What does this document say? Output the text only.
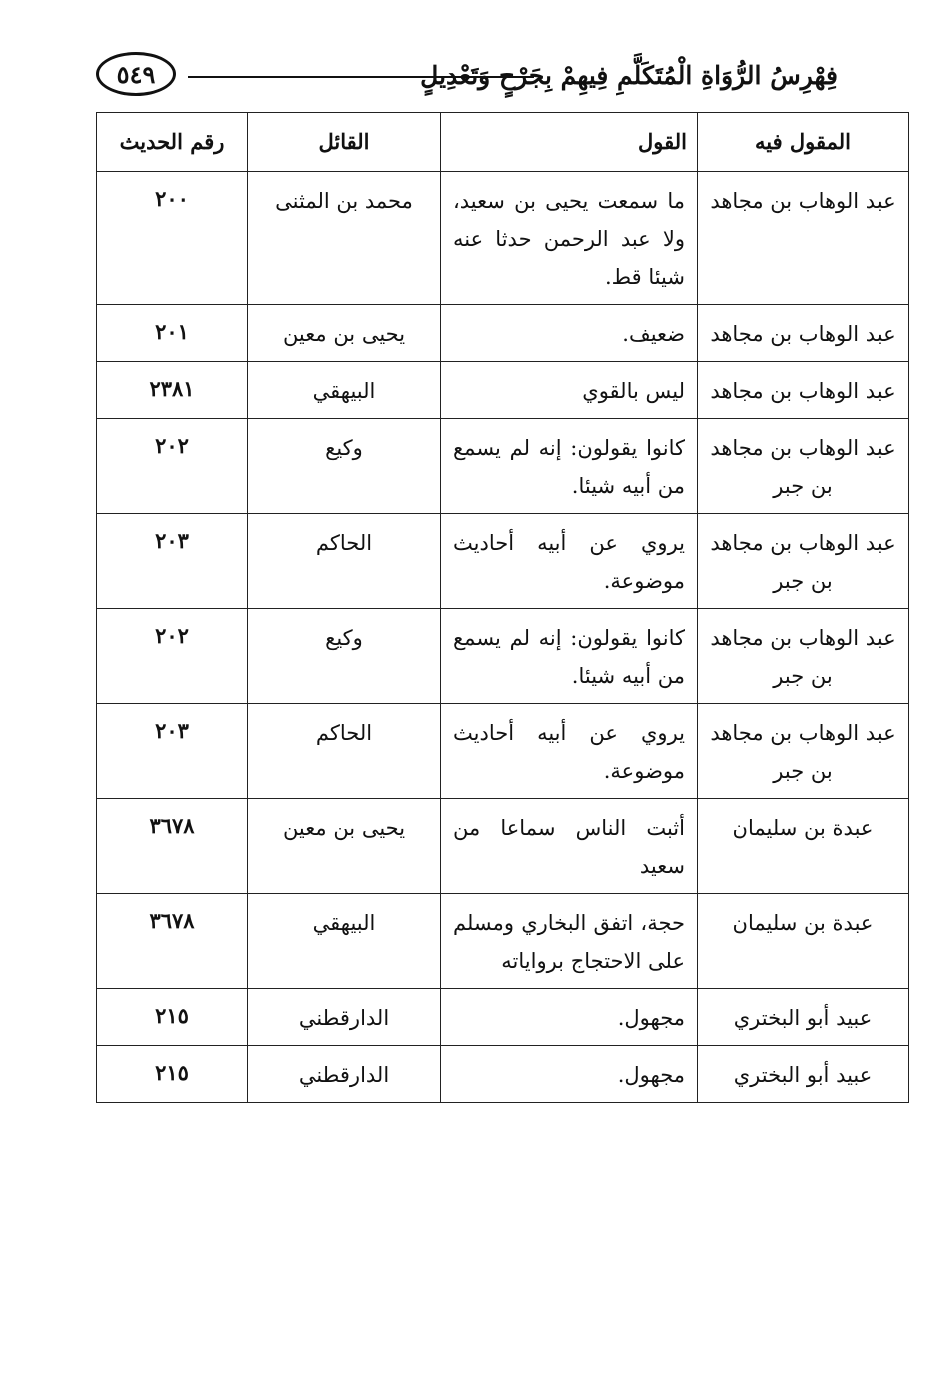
٥٤٩	فِهْرِسُ الرُّوَاةِ الْمُتَكَلَّمِ فِيهِمْ بِجَرْحٍ وَتَعْدِيلٍ
المقول فيه	القول	القائل	رقم الحديث
عبد الوهاب بن مجاهد	ما سمعت يحيى بن سعيد، ولا عبد الرحمن حدثا عنه شيئا قط.	محمد بن المثنى	٢٠٠
عبد الوهاب بن مجاهد	ضعيف.	يحيى بن معين	٢٠١
عبد الوهاب بن مجاهد	ليس بالقوي	البيهقي	٢٣٨١
عبد الوهاب بن مجاهد بن جبر	كانوا يقولون: إنه لم يسمع من أبيه شيئا.	وكيع	٢٠٢
عبد الوهاب بن مجاهد بن جبر	يروي عن أبيه أحاديث موضوعة.	الحاكم	٢٠٣
عبد الوهاب بن مجاهد بن جبر	كانوا يقولون: إنه لم يسمع من أبيه شيئا.	وكيع	٢٠٢
عبد الوهاب بن مجاهد بن جبر	يروي عن أبيه أحاديث موضوعة.	الحاكم	٢٠٣
عبدة بن سليمان	أثبت الناس سماعا من سعيد	يحيى بن معين	٣٦٧٨
عبدة بن سليمان	حجة، اتفق البخاري ومسلم على الاحتجاج برواياته	البيهقي	٣٦٧٨
عبيد أبو البختري	مجهول.	الدارقطني	٢١٥
عبيد أبو البختري	مجهول.	الدارقطني	٢١٥
